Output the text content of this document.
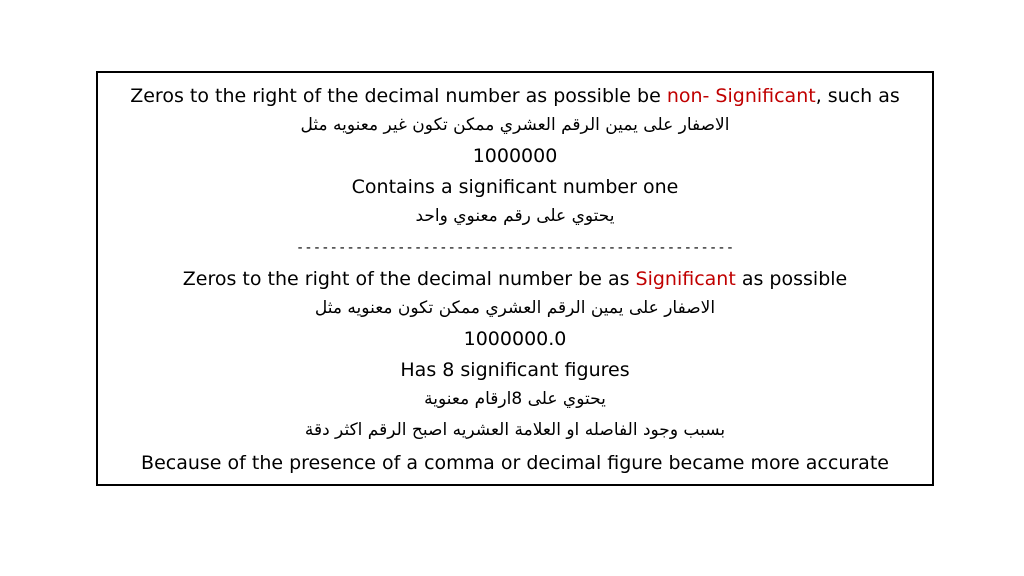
Zeros to the right of the decimal number as possible be non- Significant, such as
الاصفار على يمين الرقم العشري ممكن تكون غير معنويه مثل
1000000
Contains a significant number one
يحتوي على رقم معنوي واحد
----------------------------------------------------
Zeros to the right of the decimal number be as Significant as possible
الاصفار على يمين الرقم العشري ممكن تكون معنويه مثل
1000000.0
Has 8 significant figures
يحتوي على 8ارقام معنوية
بسبب وجود الفاصله او العلامة العشريه اصبح الرقم اكثر دقة
Because of the presence of a comma or decimal figure became more accurate
